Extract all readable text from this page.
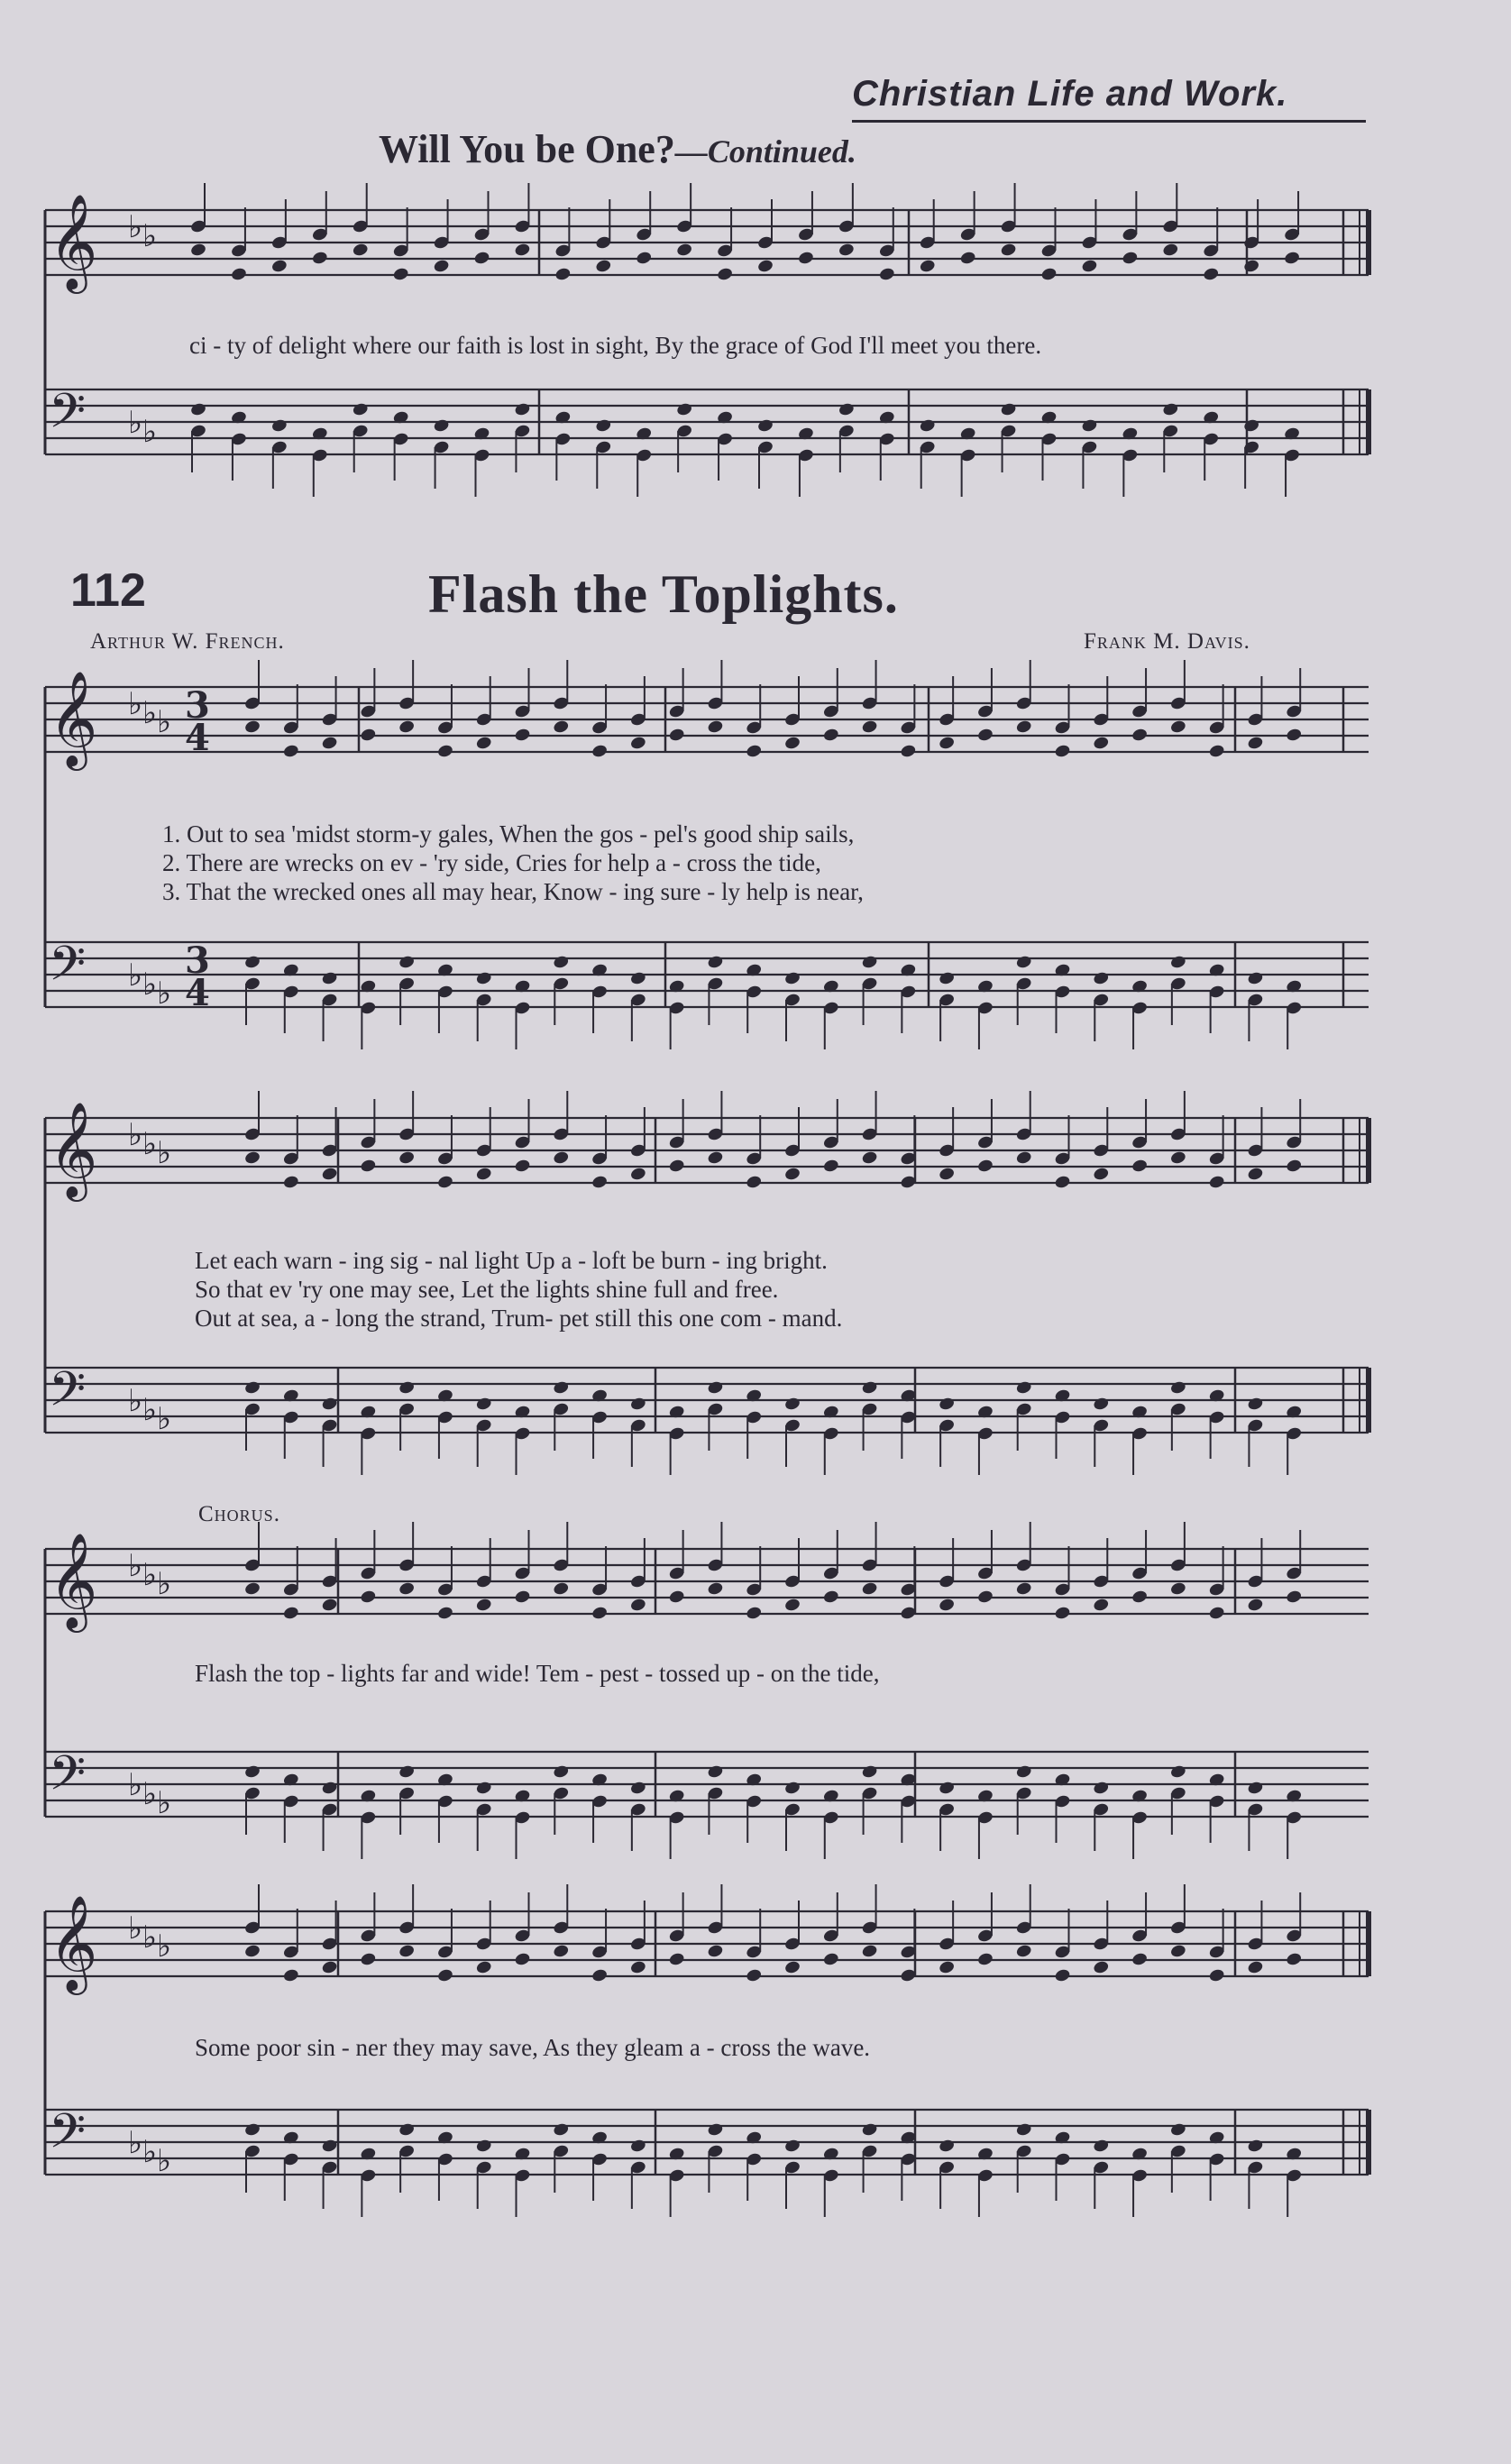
𝄞 ♭ ♭
𝄢 ♭ ♭
𝄞 ♭ ♭ ♭
𝄢 ♭ ♭ ♭
𝄞 ♭ ♭ ♭
𝄢 ♭ ♭ ♭
𝄞 ♭ ♭ ♭
𝄢 ♭ ♭ ♭
𝄞 ♭ ♭ ♭
𝄢 ♭ ♭ ♭
3
4
3
4
Christian Life and Work.
Will You be One?—Continued.
ci - ty of delight where our faith is lost in sight, By the grace of God I'll meet you there.
112	Flash the Toplights.
Arthur W. French.	Frank M. Davis.
1. Out to sea 'midst storm-y gales, When the gos - pel's good ship sails,
2. There are wrecks on ev - 'ry side, Cries for help a - cross the tide,
3. That the wrecked ones all may hear, Know - ing sure - ly help is near,
Let each warn - ing sig - nal light Up a - loft be burn - ing bright.
So that ev 'ry one may see, Let the lights shine full and free.
Out at sea, a - long the strand, Trum- pet still this one com - mand.
Chorus.
Flash the top - lights far and wide! Tem - pest - tossed up - on the tide,
Some poor sin - ner they may save, As they gleam a - cross the wave.
